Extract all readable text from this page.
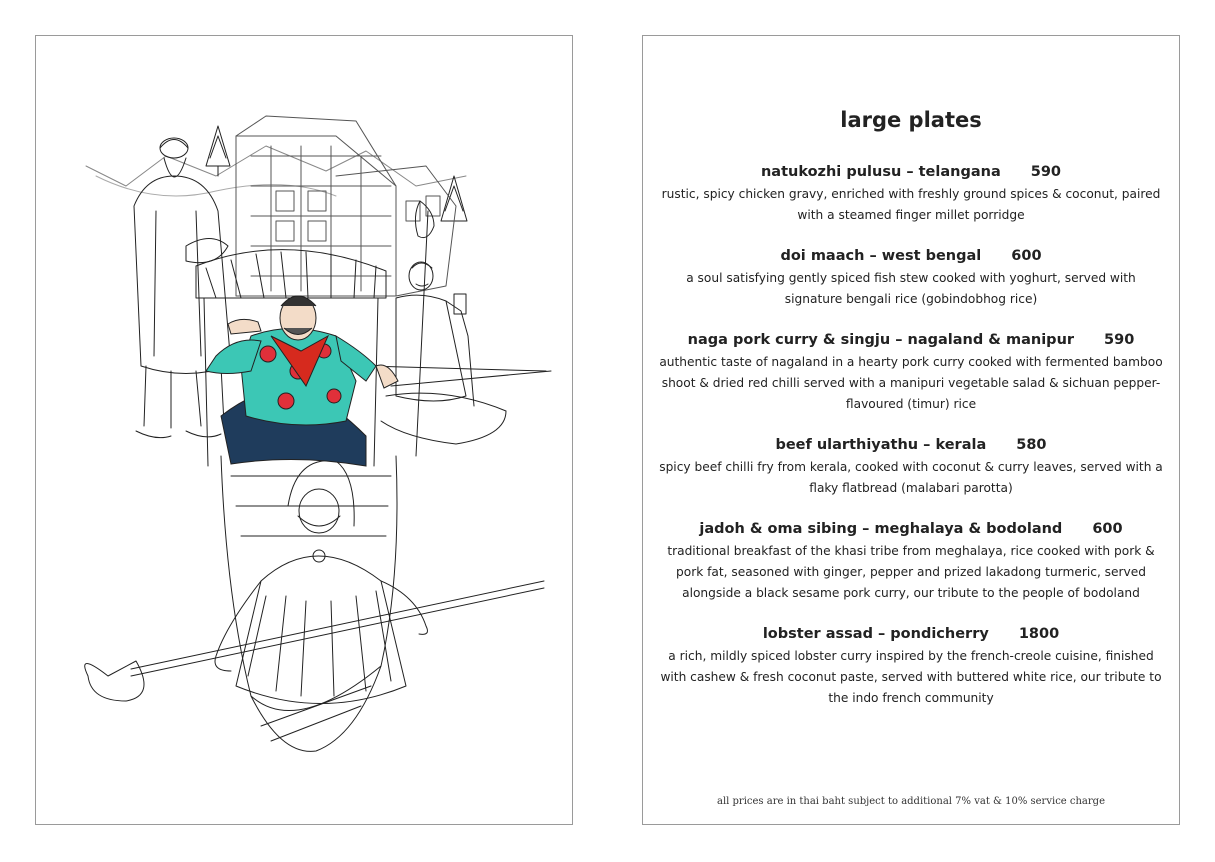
large plates
natukozhi pulusu – telangana 590
rustic, spicy chicken gravy, enriched with freshly ground spices & coconut, paired with a steamed finger millet porridge
doi maach – west bengal 600
a soul satisfying gently spiced fish stew cooked with yoghurt, served with signature bengali rice (gobindobhog rice)
naga pork curry & singju – nagaland & manipur 590
authentic taste of nagaland in a hearty pork curry cooked with fermented bamboo shoot & dried red chilli served with a manipuri vegetable salad & sichuan pepper-flavoured (timur) rice
beef ularthiyathu – kerala 580
spicy beef chilli fry from kerala, cooked with coconut & curry leaves, served with a flaky flatbread (malabari parotta)
jadoh & oma sibing – meghalaya & bodoland 600
traditional breakfast of the khasi tribe from meghalaya, rice cooked with pork & pork fat, seasoned with ginger, pepper and prized lakadong turmeric, served alongside a black sesame pork curry, our tribute to the people of bodoland
lobster assad – pondicherry 1800
a rich, mildly spiced lobster curry inspired by the french-creole cuisine, finished with cashew & fresh coconut paste, served with buttered white rice, our tribute to the indo french community
all prices are in thai baht subject to additional 7% vat & 10% service charge
